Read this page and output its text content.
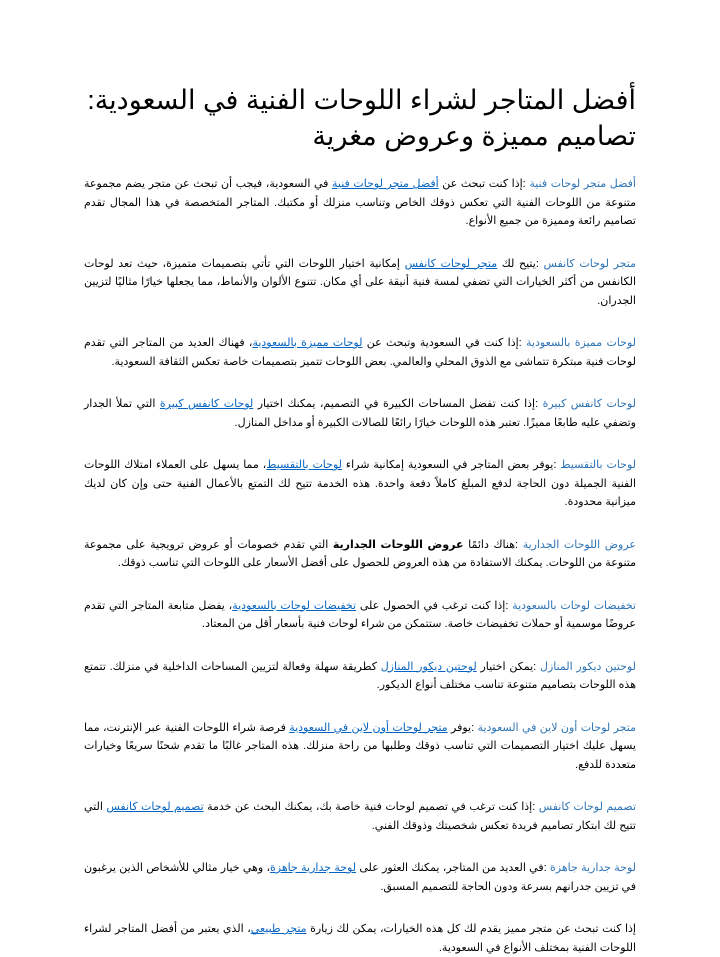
أفضل المتاجر لشراء اللوحات الفنية في السعودية:
تصاميم مميزة وعروض مغرية

أفضل متجر لوحات فنية :إذا كنت تبحث عن أفضل متجر لوحات فنية في السعودية، فيجب أن تبحث عن متجر يضم مجموعة متنوعة من اللوحات الفنية التي تعكس ذوقك الخاص وتناسب منزلك أو مكتبك. المتاجر المتخصصة في هذا المجال تقدم تصاميم رائعة ومميزة من جميع الأنواع.

متجر لوحات كانفس :يتيح لك متجر لوحات كانفس إمكانية اختيار اللوحات التي تأتي بتصميمات متميزة، حيث تعد لوحات الكانفس من أكثر الخيارات التي تضفي لمسة فنية أنيقة على أي مكان. تتنوع الألوان والأنماط، مما يجعلها خيارًا مثاليًا لتزيين الجدران.

لوحات مميزة بالسعودية :إذا كنت في السعودية وتبحث عن لوحات مميزة بالسعودية، فهناك العديد من المتاجر التي تقدم لوحات فنية مبتكرة تتماشى مع الذوق المحلي والعالمي. بعض اللوحات تتميز بتصميمات خاصة تعكس الثقافة السعودية.

لوحات كانفس كبيرة :إذا كنت تفضل المساحات الكبيرة في التصميم، يمكنك اختيار لوحات كانفس كبيرة التي تملأ الجدار وتضفي عليه طابعًا مميزًا. تعتبر هذه اللوحات خيارًا رائعًا للصالات الكبيرة أو مداخل المنازل.

لوحات بالتقسيط :يوفر بعض المتاجر في السعودية إمكانية شراء لوحات بالتقسيط، مما يسهل على العملاء امتلاك اللوحات الفنية الجميلة دون الحاجة لدفع المبلغ كاملاً دفعة واحدة. هذه الخدمة تتيح لك التمتع بالأعمال الفنية حتى وإن كان لديك ميزانية محدودة.

عروض اللوحات الجدارية :هناك دائمًا عروض اللوحات الجدارية التي تقدم خصومات أو عروض ترويجية على مجموعة متنوعة من اللوحات. يمكنك الاستفادة من هذه العروض للحصول على أفضل الأسعار على اللوحات التي تناسب ذوقك.

تخفيضات لوحات بالسعودية :إذا كنت ترغب في الحصول على تخفيضات لوحات بالسعودية، يفضل متابعة المتاجر التي تقدم عروضًا موسمية أو حملات تخفيضات خاصة. ستتمكن من شراء لوحات فنية بأسعار أقل من المعتاد.

لوحتين ديكور المنازل :يمكن اختيار لوحتين ديكور المنازل كطريقة سهلة وفعالة لتزيين المساحات الداخلية في منزلك. تتمتع هذه اللوحات بتصاميم متنوعة تناسب مختلف أنواع الديكور.

متجر لوحات أون لاين في السعودية :يوفر متجر لوحات أون لاين في السعودية فرصة شراء اللوحات الفنية عبر الإنترنت، مما يسهل عليك اختيار التصميمات التي تناسب ذوقك وطلبها من راحة منزلك. هذه المتاجر غالبًا ما تقدم شحنًا سريعًا وخيارات متعددة للدفع.

تصميم لوحات كانفس :إذا كنت ترغب في تصميم لوحات فنية خاصة بك، يمكنك البحث عن خدمة تصميم لوحات كانفس التي تتيح لك ابتكار تصاميم فريدة تعكس شخصيتك وذوقك الفني.

لوحة جدارية جاهزة :في العديد من المتاجر، يمكنك العثور على لوحة جدارية جاهزة، وهي خيار مثالي للأشخاص الذين يرغبون في تزيين جدرانهم بسرعة ودون الحاجة للتصميم المسبق.

إذا كنت تبحث عن متجر مميز يقدم لك كل هذه الخيارات، يمكن لك زيارة متجر طبيعي، الذي يعتبر من أفضل المتاجر لشراء اللوحات الفنية بمختلف الأنواع في السعودية.
